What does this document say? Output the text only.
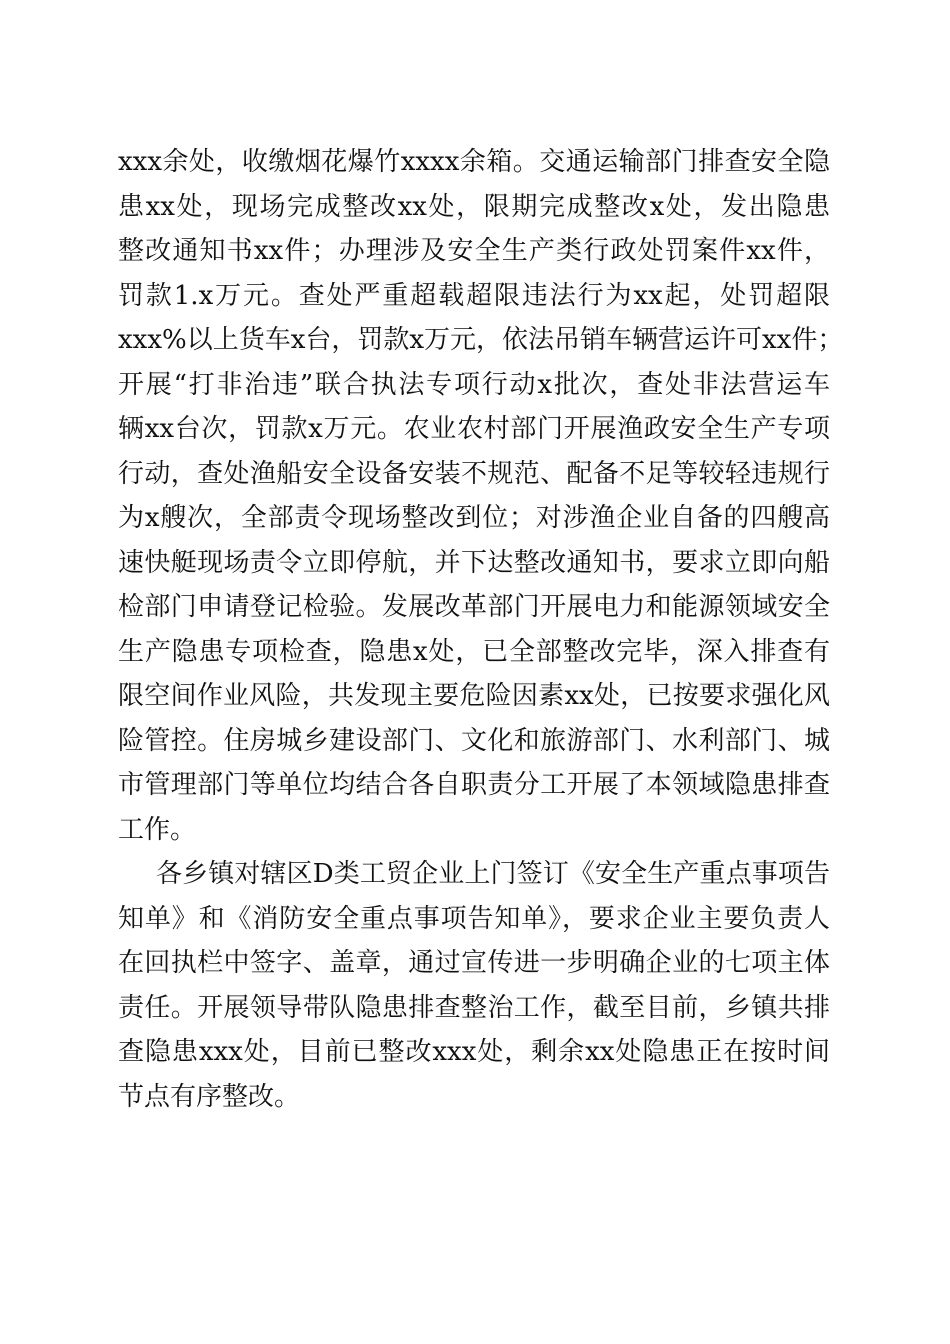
xxx余处，收缴烟花爆竹xxxx余箱。交通运输部门排查安全隐
患xx处，现场完成整改xx处，限期完成整改x处，发出隐患
整改通知书xx件；办理涉及安全生产类行政处罚案件xx件，
罚款1.x万元。查处严重超载超限违法行为xx起，处罚超限
xxx%以上货车x台，罚款x万元，依法吊销车辆营运许可xx件；
开展“打非治违”联合执法专项行动x批次，查处非法营运车
辆xx台次，罚款x万元。农业农村部门开展渔政安全生产专项
行动，查处渔船安全设备安装不规范、配备不足等较轻违规行
为x艘次，全部责令现场整改到位；对涉渔企业自备的四艘高
速快艇现场责令立即停航，并下达整改通知书，要求立即向船
检部门申请登记检验。发展改革部门开展电力和能源领域安全
生产隐患专项检查，隐患x处，已全部整改完毕，深入排查有
限空间作业风险，共发现主要危险因素xx处，已按要求强化风
险管控。住房城乡建设部门、文化和旅游部门、水利部门、城
市管理部门等单位均结合各自职责分工开展了本领域隐患排查
工作。
各乡镇对辖区D类工贸企业上门签订《安全生产重点事项告
知单》和《消防安全重点事项告知单》，要求企业主要负责人
在回执栏中签字、盖章，通过宣传进一步明确企业的七项主体
责任。开展领导带队隐患排查整治工作，截至目前，乡镇共排
查隐患xxx处，目前已整改xxx处，剩余xx处隐患正在按时间
节点有序整改。
